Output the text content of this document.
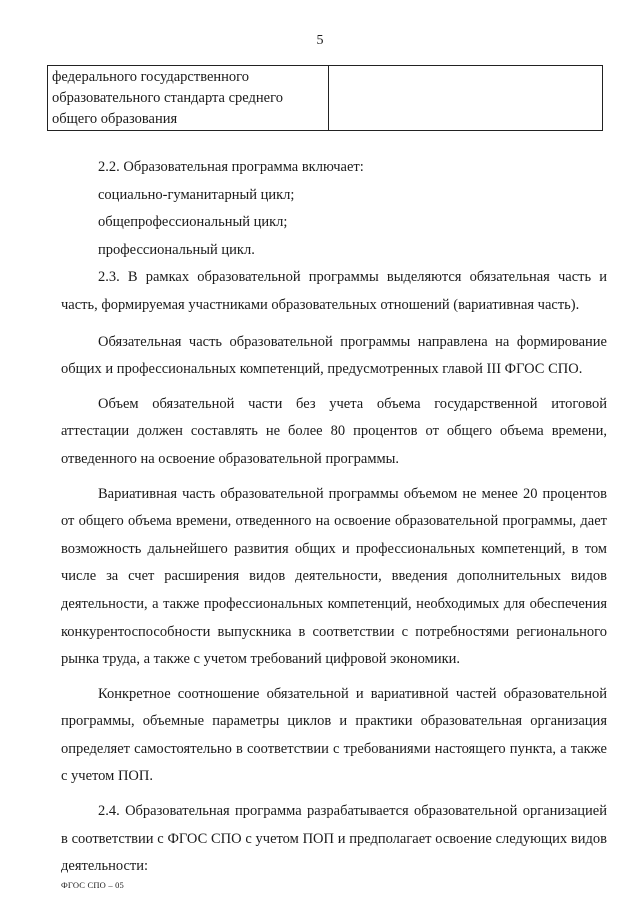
5
федерального государственного
образовательного стандарта среднего
общего образования

2.2. Образовательная программа включает:

социально-гуманитарный цикл;

общепрофессиональный цикл;

профессиональный цикл.

2.3. В рамках образовательной программы выделяются обязательная часть и часть, формируемая участниками образовательных отношений (вариативная часть).

Обязательная часть образовательной программы направлена на формирование общих и профессиональных компетенций, предусмотренных главой III ФГОС СПО.

Объем обязательной части без учета объема государственной итоговой аттестации должен составлять не более 80 процентов от общего объема времени, отведенного на освоение образовательной программы.

Вариативная часть образовательной программы объемом не менее 20 процентов от общего объема времени, отведенного на освоение образовательной программы, дает возможность дальнейшего развития общих и профессиональных компетенций, в том числе за счет расширения видов деятельности, введения дополнительных видов деятельности, а также профессиональных компетенций, необходимых для обеспечения конкурентоспособности выпускника в соответствии с потребностями регионального рынка труда, а также с учетом требований цифровой экономики.

Конкретное соотношение обязательной и вариативной частей образовательной программы, объемные параметры циклов и практики образовательная организация определяет самостоятельно в соответствии с требованиями настоящего пункта, а также с учетом ПОП.

2.4. Образовательная программа разрабатывается образовательной организацией в соответствии с ФГОС СПО с учетом ПОП и предполагает освоение следующих видов деятельности:

ФГОС СПО – 05
